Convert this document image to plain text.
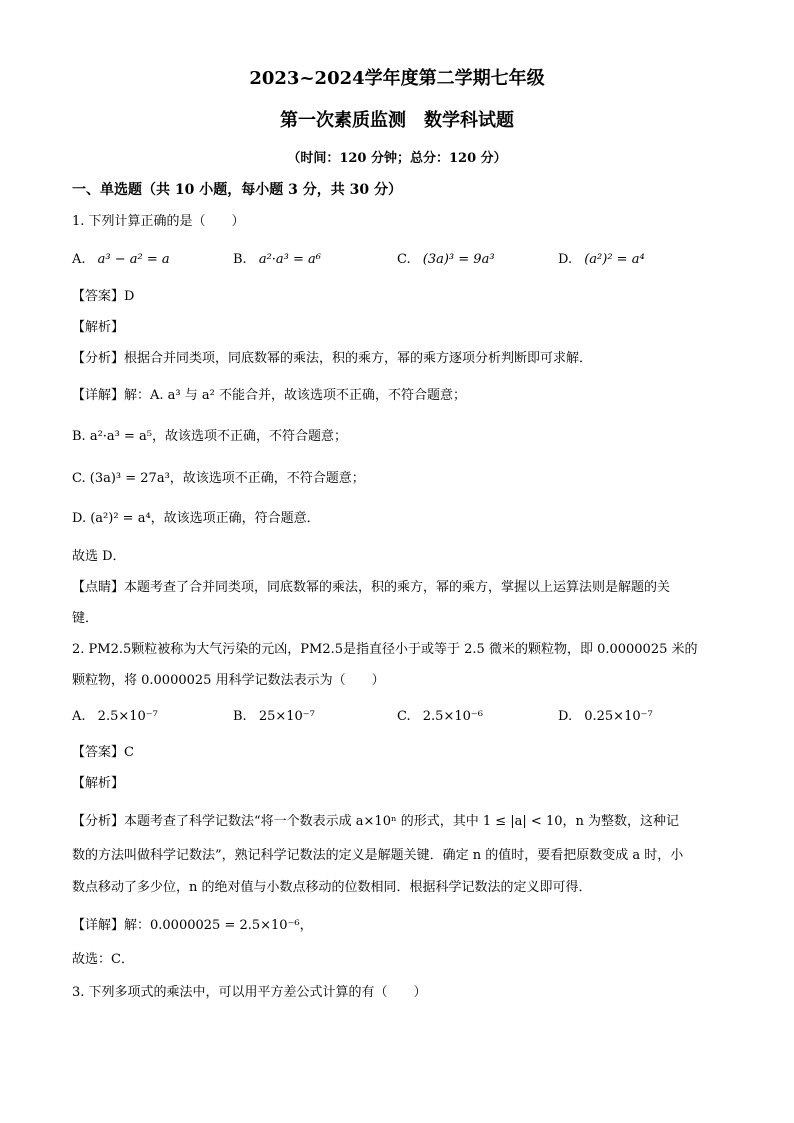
2023~2024学年度第二学期七年级
第一次素质监测　数学科试题
（时间：120 分钟；总分：120 分）
一、单选题（共 10 小题，每小题 3 分，共 30 分）
1. 下列计算正确的是（　　）
A. a³ − a² = a	B. a²·a³ = a⁶	C. (3a)³ = 9a³	D. (a²)² = a⁴
【答案】D
【解析】
【分析】根据合并同类项，同底数幂的乘法，积的乘方，幂的乘方逐项分析判断即可求解．
【详解】解：A. a³ 与 a² 不能合并，故该选项不正确，不符合题意；
B. a²·a³ = a⁵，故该选项不正确，不符合题意；
C. (3a)³ = 27a³，故该选项不正确，不符合题意；
D. (a²)² = a⁴，故该选项正确，符合题意．
故选 D．
【点睛】本题考查了合并同类项，同底数幂的乘法，积的乘方，幂的乘方，掌握以上运算法则是解题的关
键．
2. PM2.5颗粒被称为大气污染的元凶，PM2.5是指直径小于或等于 2.5 微米的颗粒物，即 0.0000025 米的
颗粒物，将 0.0000025 用科学记数法表示为（　　）
A. 2.5×10⁻⁷	B. 25×10⁻⁷	C. 2.5×10⁻⁶	D. 0.25×10⁻⁷
【答案】C
【解析】
【分析】本题考查了科学记数法“将一个数表示成 a×10ⁿ 的形式，其中 1 ≤ |a| < 10，n 为整数，这种记
数的方法叫做科学记数法”，熟记科学记数法的定义是解题关键．确定 n 的值时，要看把原数变成 a 时，小
数点移动了多少位，n 的绝对值与小数点移动的位数相同．根据科学记数法的定义即可得．
【详解】解：0.0000025 = 2.5×10⁻⁶，
故选：C．
3. 下列多项式的乘法中，可以用平方差公式计算的有（　　）
